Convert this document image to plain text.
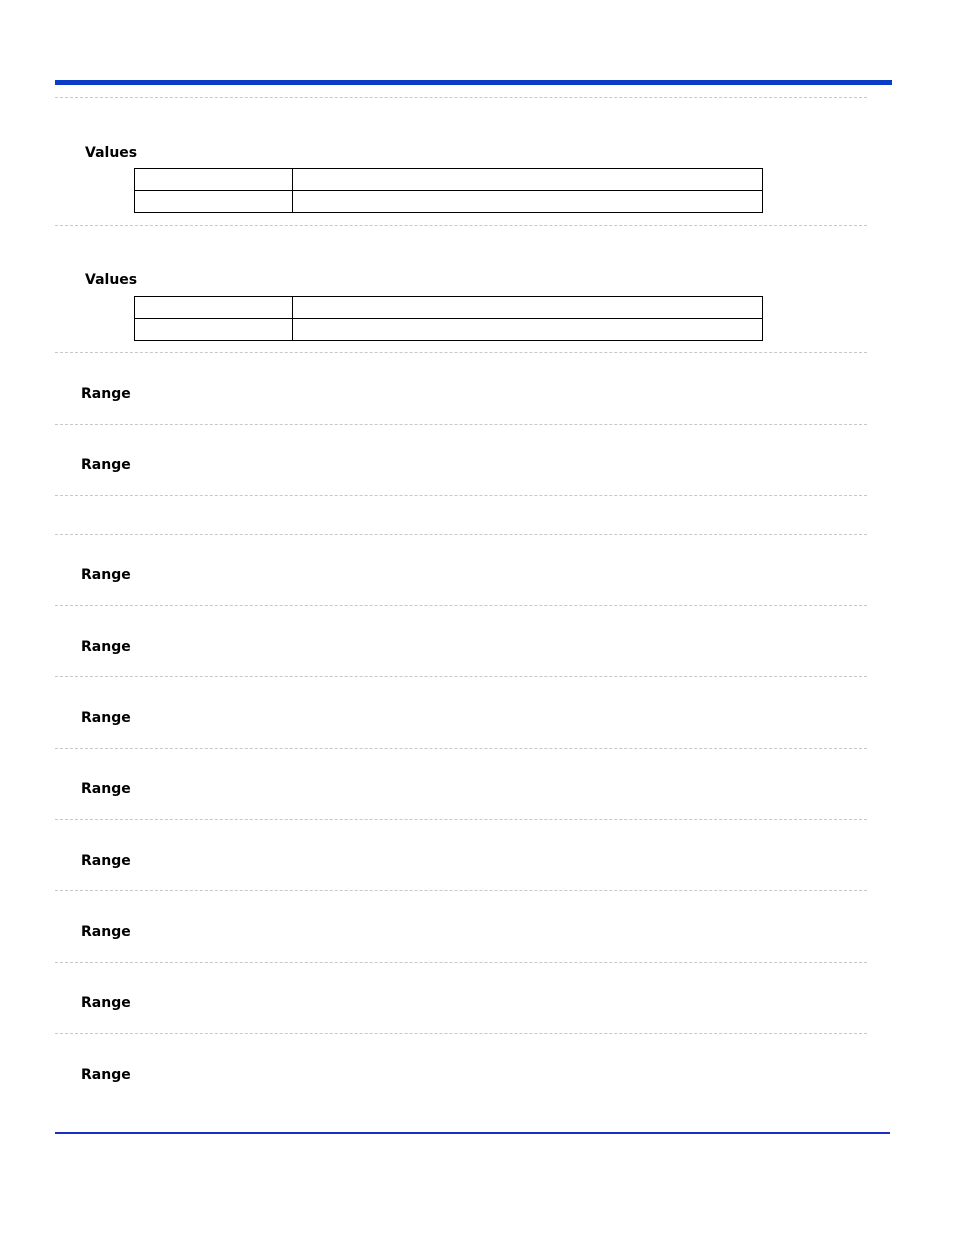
Values

Values

Range
Range
Range
Range
Range
Range
Range
Range
Range
Range
